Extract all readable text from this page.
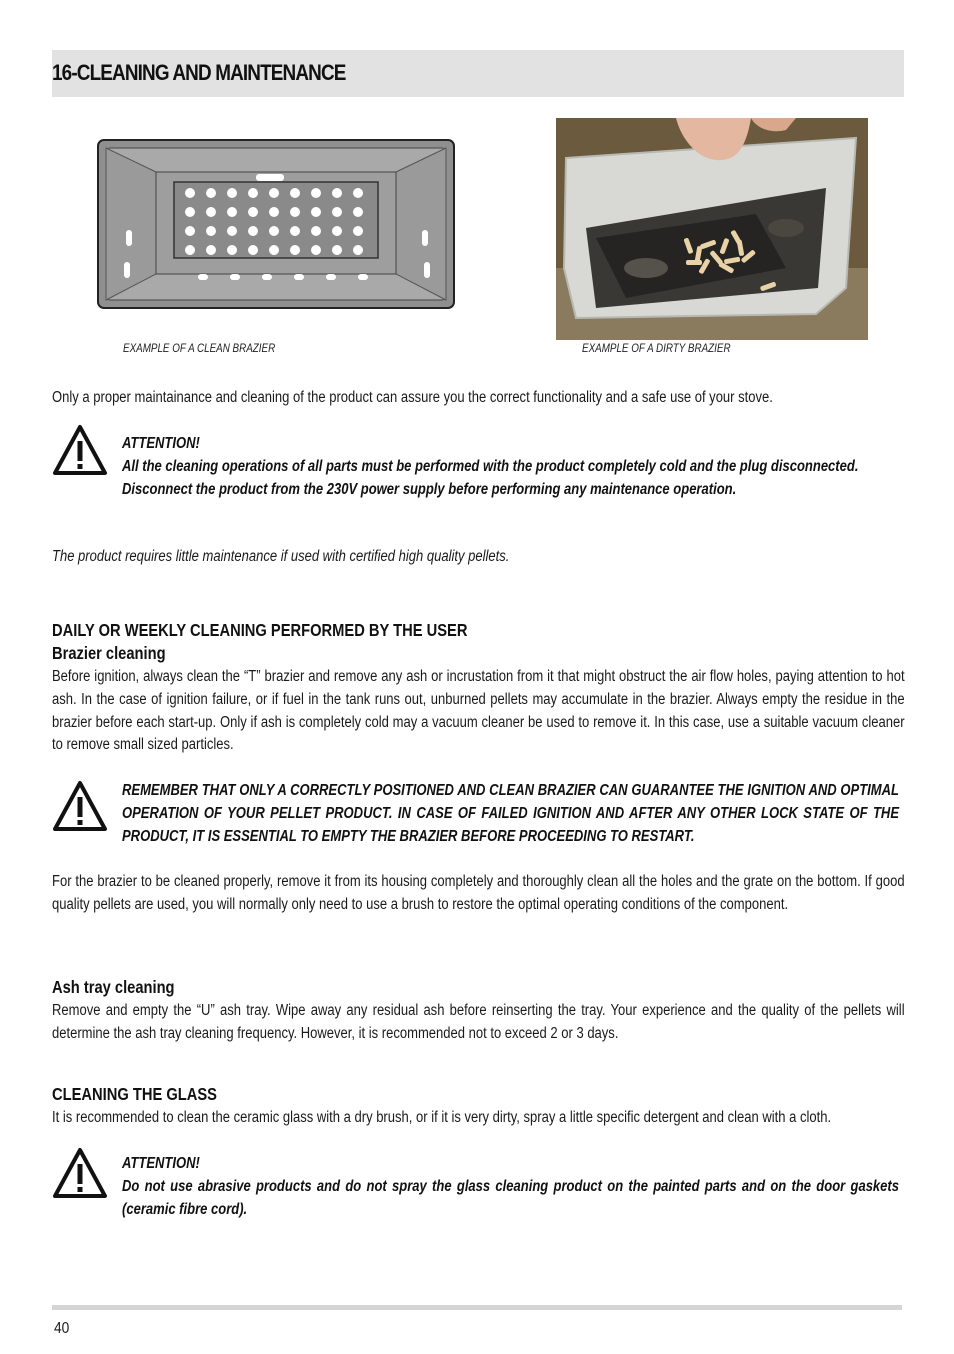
16-CLEANING AND MAINTENANCE
EXAMPLE OF A CLEAN BRAZIER	EXAMPLE OF A DIRTY BRAZIER
Only a proper maintainance and cleaning of the product can assure you the correct functionality and a safe use of your stove.
ATTENTION!
All the cleaning operations of all parts must be performed with the product completely cold and the plug disconnected.
Disconnect the product from the 230V power supply before performing any maintenance operation.
The product requires little maintenance if used with certified high quality pellets.
DAILY OR WEEKLY CLEANING PERFORMED BY THE USER
Brazier cleaning
Before ignition, always clean the “T” brazier and remove any ash or incrustation from it that might obstruct the air flow holes, paying attention to hot ash. In the case of ignition failure, or if fuel in the tank runs out, unburned pellets may accumulate in the brazier. Always empty the residue in the brazier before each start-up. Only if ash is completely cold may a vacuum cleaner be used to remove it. In this case, use a suitable vacuum cleaner to remove small sized particles.
REMEMBER THAT ONLY A CORRECTLY POSITIONED AND CLEAN BRAZIER CAN GUARANTEE THE IGNITION AND OPTIMAL OPERATION OF YOUR PELLET PRODUCT. IN CASE OF FAILED IGNITION AND AFTER ANY OTHER LOCK STATE OF THE PRODUCT, IT IS ESSENTIAL TO EMPTY THE BRAZIER BEFORE PROCEEDING TO RESTART.
For the brazier to be cleaned properly, remove it from its housing completely and thoroughly clean all the holes and the grate on the bottom. If good quality pellets are used, you will normally only need to use a brush to restore the optimal operating conditions of the component.
Ash tray cleaning
Remove and empty the “U” ash tray. Wipe away any residual ash before reinserting the tray. Your experience and the quality of the pellets will determine the ash tray cleaning frequency. However, it is recommended not to exceed 2 or 3 days.
CLEANING THE GLASS
It is recommended to clean the ceramic glass with a dry brush, or if it is very dirty, spray a little specific detergent and clean with a cloth.
ATTENTION!
Do not use abrasive products and do not spray the glass cleaning product on the painted parts and on the door gaskets (ceramic fibre cord).
40
